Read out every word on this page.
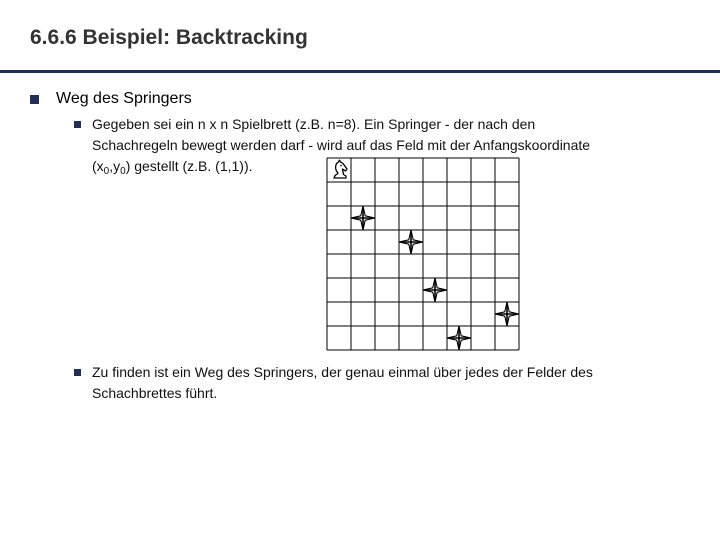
6.6.6 Beispiel: Backtracking
Weg des Springers
Gegeben sei ein n x n Spielbrett (z.B. n=8). Ein Springer - der nach den
Schachregeln bewegt werden darf - wird auf das Feld mit der Anfangskoordinate
$(x_0,y_0)$ gestellt (z.B. (1,1)).
Zu finden ist ein Weg des Springers, der genau einmal über jedes der Felder des
Schachbrettes führt.
